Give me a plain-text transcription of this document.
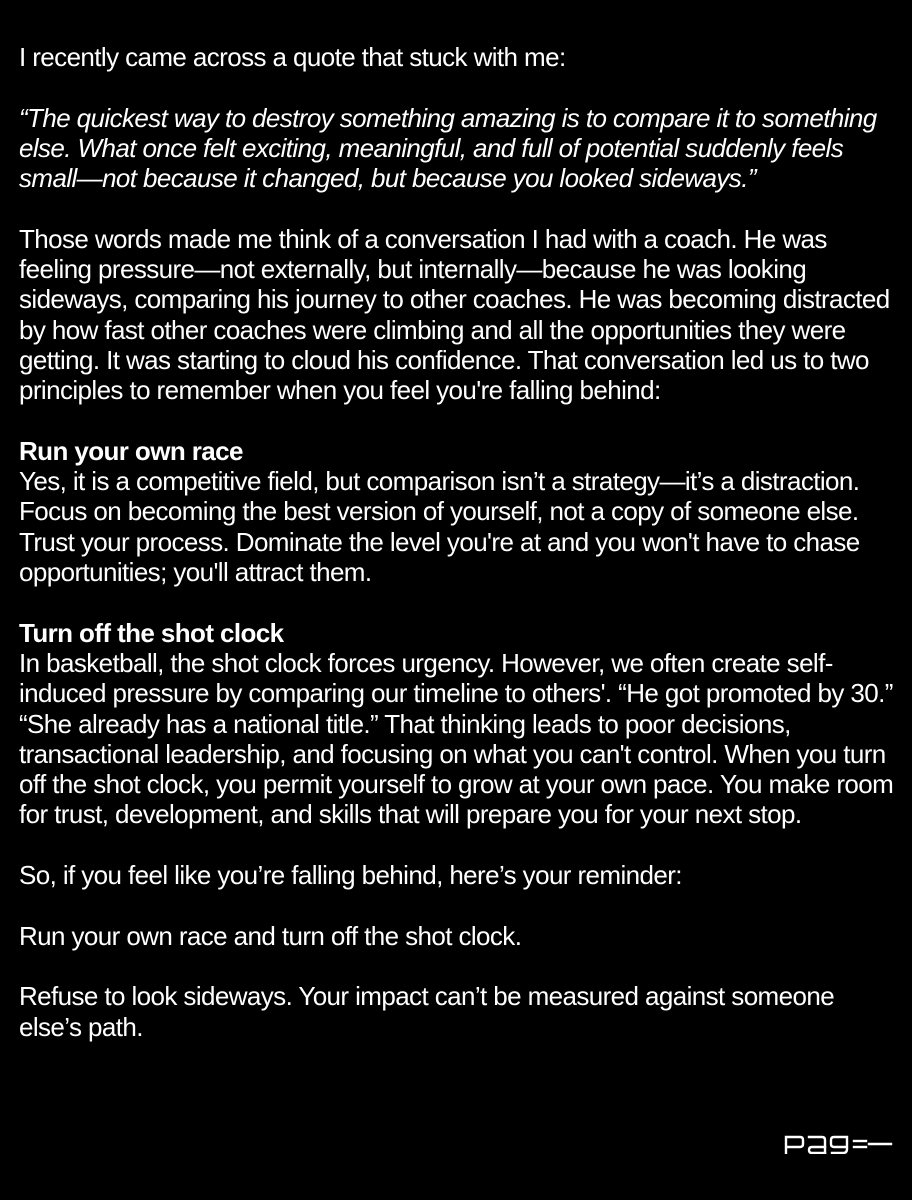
I recently came across a quote that stuck with me:

“The quickest way to destroy something amazing is to compare it to something else. What once felt exciting, meaningful, and full of potential suddenly feels small—not because it changed, but because you looked sideways.”

Those words made me think of a conversation I had with a coach. He was feeling pressure—not externally, but internally—because he was looking sideways, comparing his journey to other coaches. He was becoming distracted by how fast other coaches were climbing and all the opportunities they were getting. It was starting to cloud his confidence. That conversation led us to two principles to remember when you feel you're falling behind:

Run your own race

Yes, it is a competitive field, but comparison isn’t a strategy—it’s a distraction. Focus on becoming the best version of yourself, not a copy of someone else. Trust your process. Dominate the level you're at and you won't have to chase opportunities; you'll attract them.

Turn off the shot clock

In basketball, the shot clock forces urgency. However, we often create self-induced pressure by comparing our timeline to others'. “He got promoted by 30.” “She already has a national title.” That thinking leads to poor decisions, transactional leadership, and focusing on what you can't control. When you turn off the shot clock, you permit yourself to grow at your own pace. You make room for trust, development, and skills that will prepare you for your next stop.

So, if you feel like you’re falling behind, here’s your reminder:

Run your own race and turn off the shot clock.

Refuse to look sideways. Your impact can’t be measured against someone else’s path.
